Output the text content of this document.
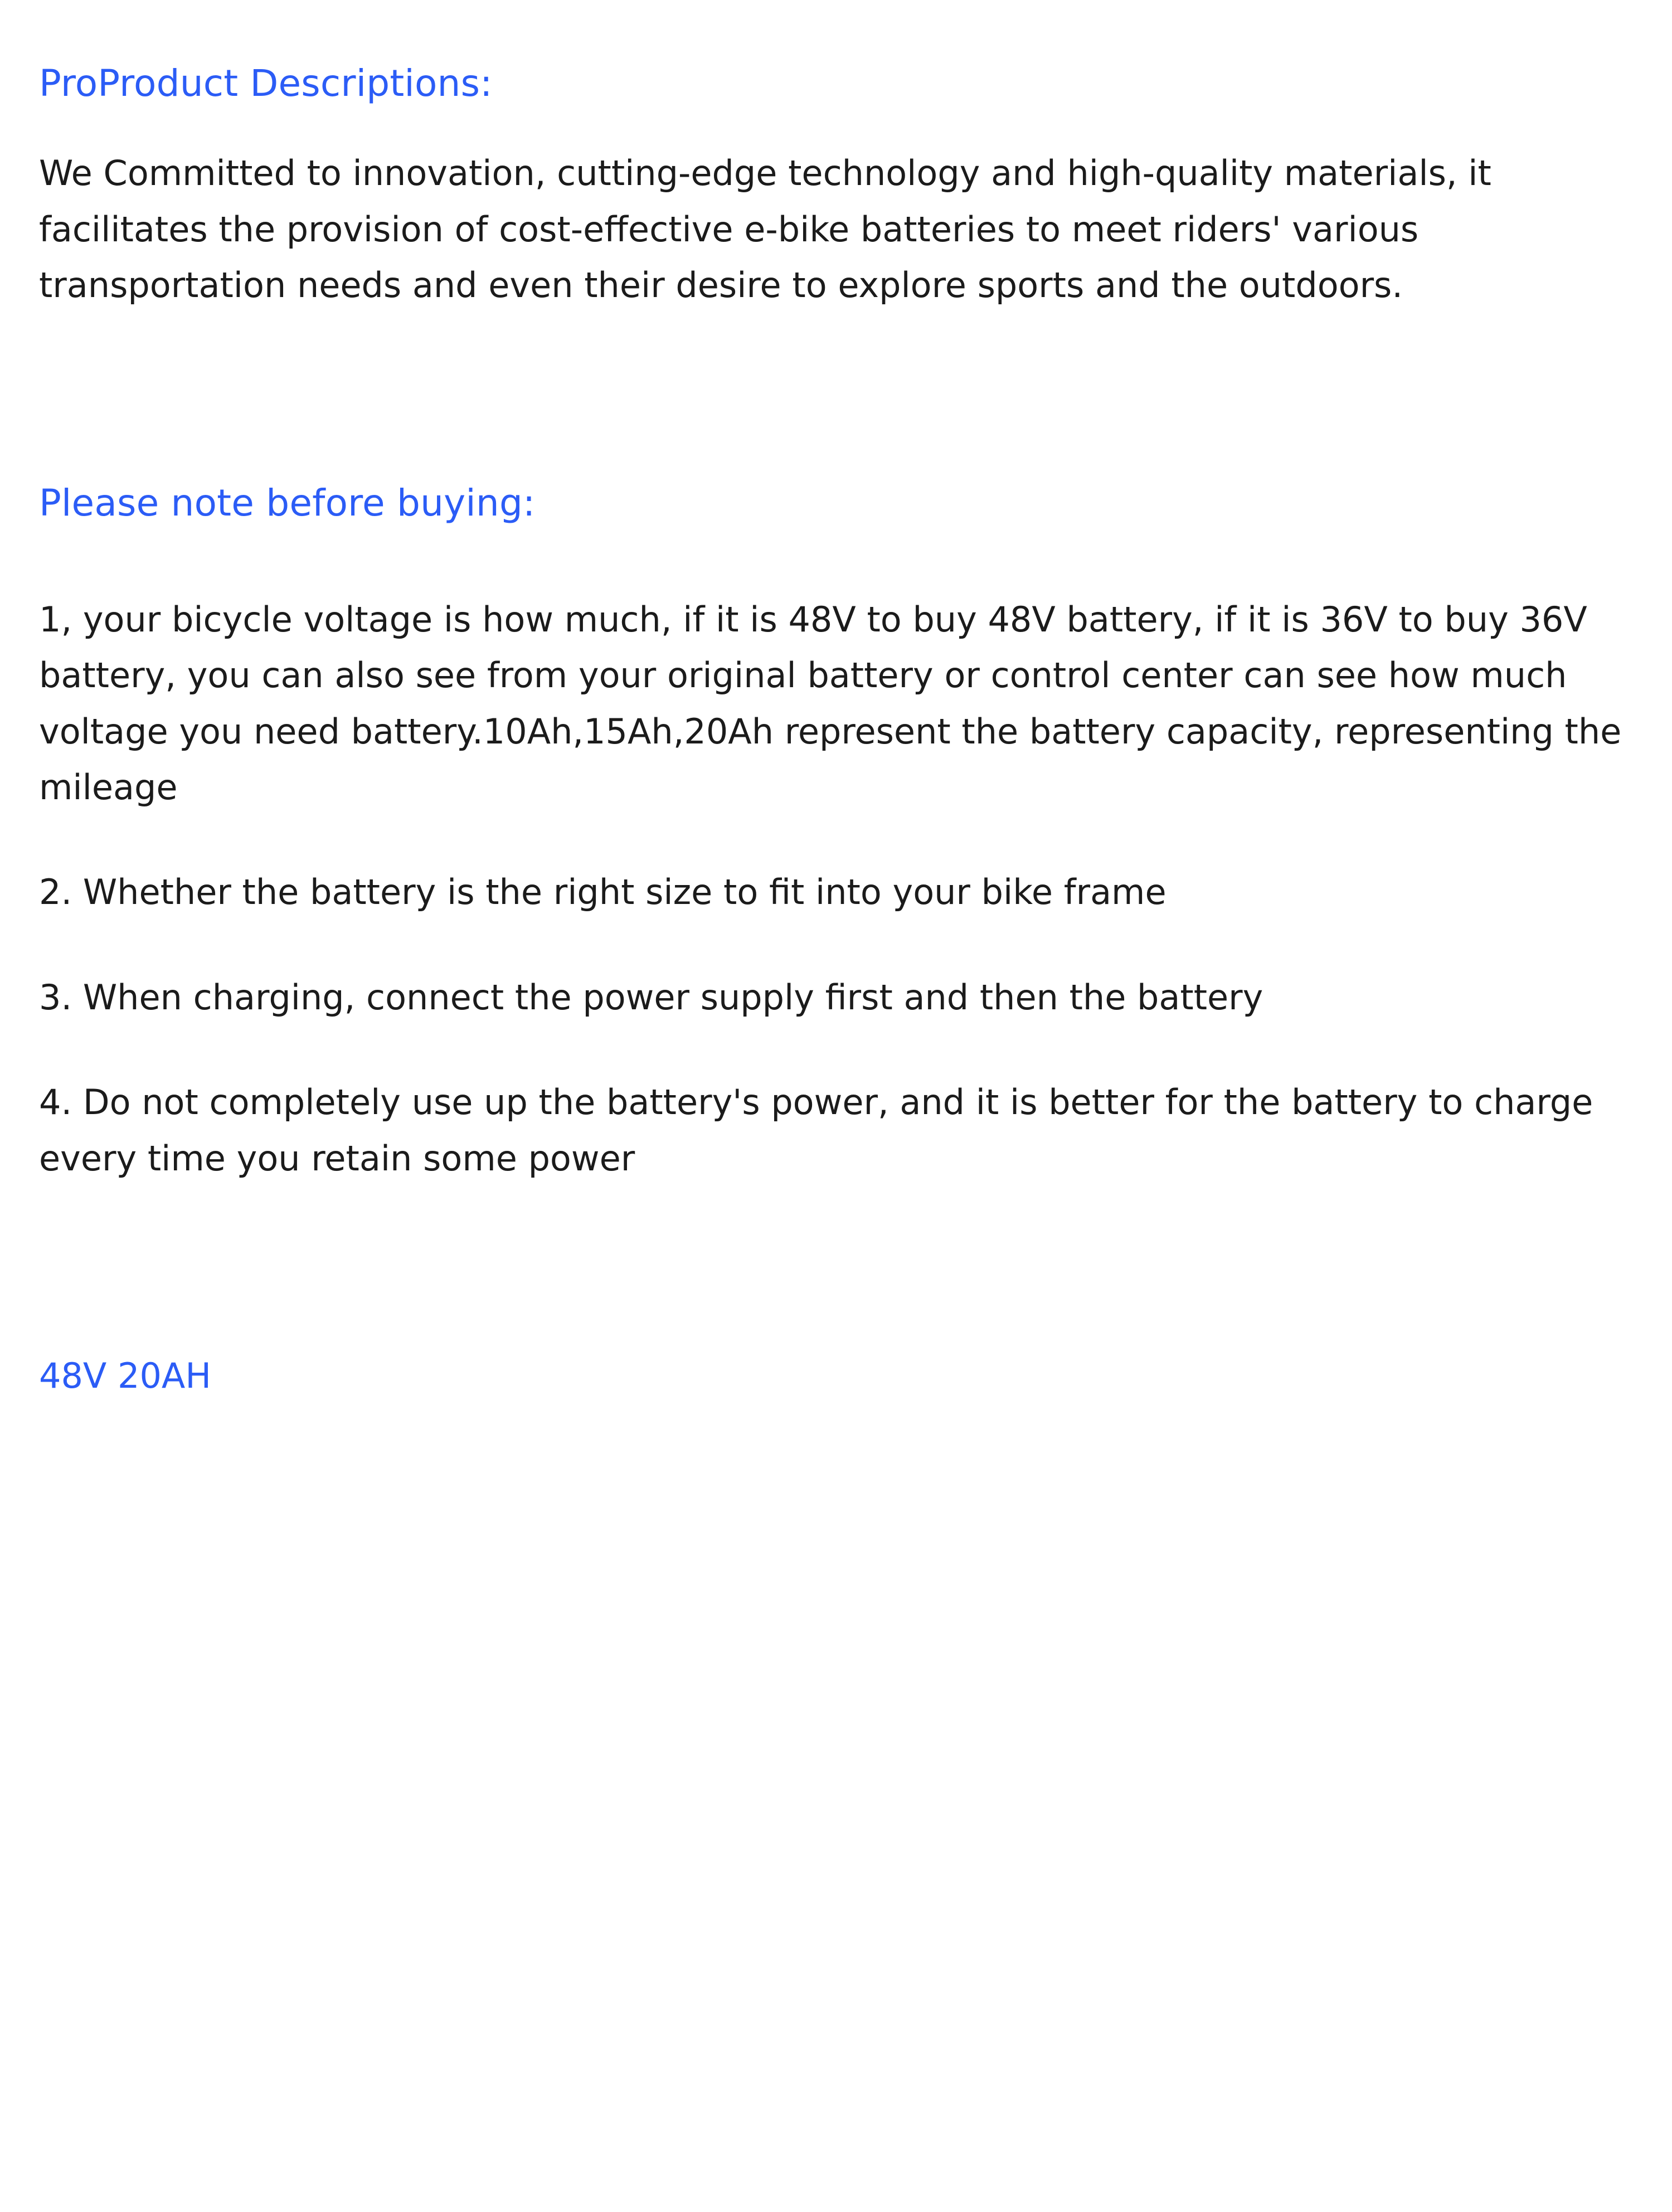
ProProduct Descriptions:

We Committed to innovation, cutting-edge technology and high-quality materials, it facilitates the provision of cost-effective e-bike batteries to meet riders' various transportation needs and even their desire to explore sports and the outdoors.

Please note before buying:

1, your bicycle voltage is how much, if it is 48V to buy 48V battery, if it is 36V to buy 36V battery, you can also see from your original battery or control center can see how much voltage you need battery.10Ah,15Ah,20Ah represent the battery capacity, representing the mileage

2. Whether the battery is the right size to fit into your bike frame

3. When charging, connect the power supply first and then the battery

4. Do not completely use up the battery's power, and it is better for the battery to charge every time you retain some power

48V 20AH
